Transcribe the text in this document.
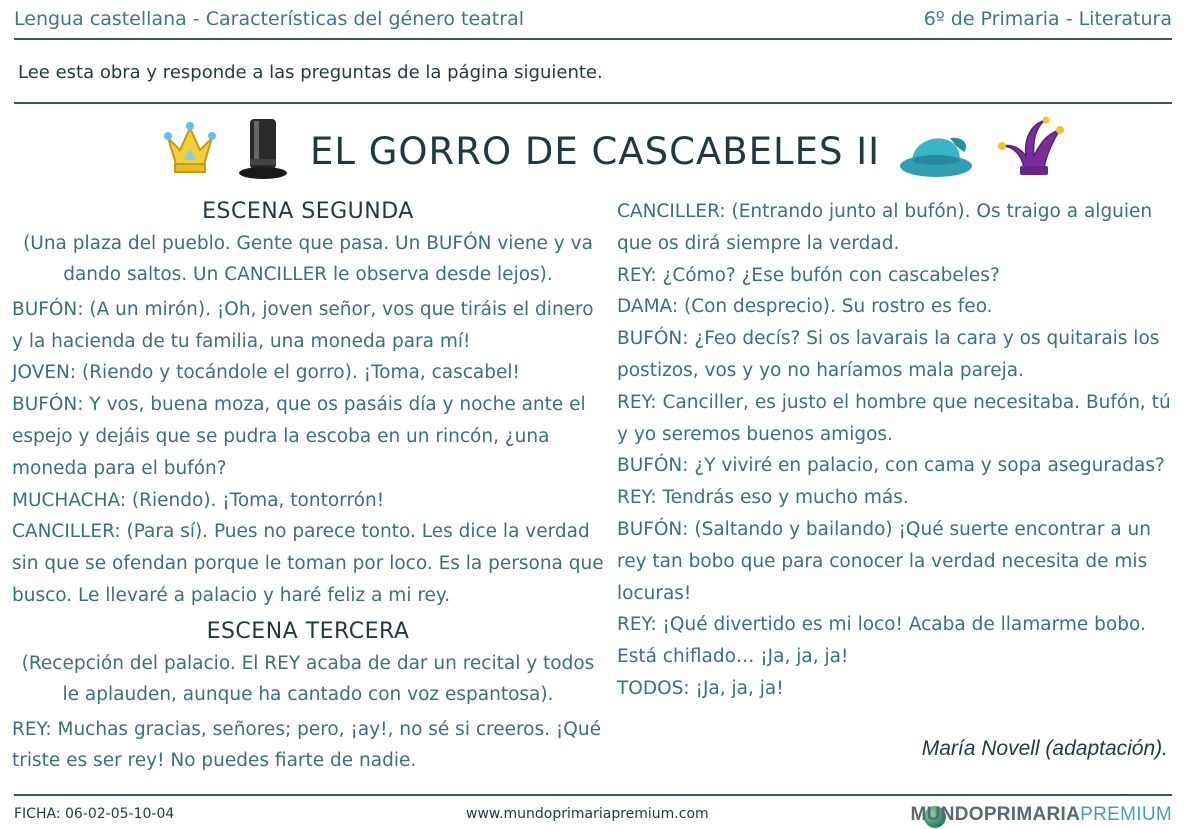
Lengua castellana - Características del género teatral	6º de Primaria - Literatura
Lee esta obra y responde a las preguntas de la página siguiente.
EL GORRO DE CASCABELES II

ESCENA SEGUNDA

(Una plaza del pueblo. Gente que pasa. Un BUFÓN viene y va dando saltos. Un CANCILLER le observa desde lejos).

BUFÓN: (A un mirón). ¡Oh, joven señor, vos que tiráis el dinero y la hacienda de tu familia, una moneda para mí!

JOVEN: (Riendo y tocándole el gorro). ¡Toma, cascabel!

BUFÓN: Y vos, buena moza, que os pasáis día y noche ante el espejo y dejáis que se pudra la escoba en un rincón, ¿una moneda para el bufón?

MUCHACHA: (Riendo). ¡Toma, tontorrón!

CANCILLER: (Para sí). Pues no parece tonto. Les dice la verdad sin que se ofendan porque le toman por loco. Es la persona que busco. Le llevaré a palacio y haré feliz a mi rey.

ESCENA TERCERA

(Recepción del palacio. El REY acaba de dar un recital y todos le aplauden, aunque ha cantado con voz espantosa).

REY: Muchas gracias, señores; pero, ¡ay!, no sé si creeros. ¡Qué triste es ser rey! No puedes fiarte de nadie.

CANCILLER: (Entrando junto al bufón). Os traigo a alguien que os dirá siempre la verdad.

REY: ¿Cómo? ¿Ese bufón con cascabeles?

DAMA: (Con desprecio). Su rostro es feo.

BUFÓN: ¿Feo decís? Si os lavarais la cara y os quitarais los postizos, vos y yo no haríamos mala pareja.

REY: Canciller, es justo el hombre que necesitaba. Bufón, tú y yo seremos buenos amigos.

BUFÓN: ¿Y viviré en palacio, con cama y sopa aseguradas?

REY: Tendrás eso y mucho más.

BUFÓN: (Saltando y bailando) ¡Qué suerte encontrar a un rey tan bobo que para conocer la verdad necesita de mis locuras!

REY: ¡Qué divertido es mi loco! Acaba de llamarme bobo. Está chiflado… ¡Ja, ja, ja!

TODOS: ¡Ja, ja, ja!

María Novell (adaptación).
FICHA: 06-02-05-10-04	www.mundoprimariapremium.com	MUNDOPRIMARIAPREMIUM
